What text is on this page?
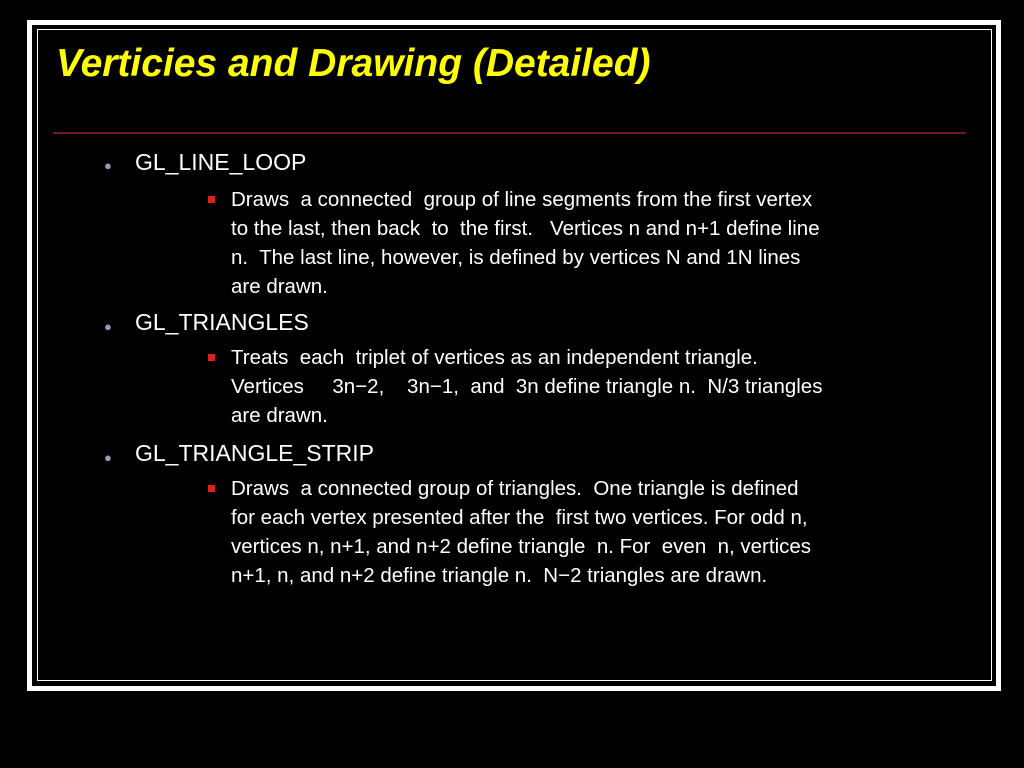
Verticies and Drawing (Detailed)
● GL_LINE_LOOP
Draws  a connected  group of line segments from the first vertex
to the last, then back  to  the first.   Vertices n and n+1 define line
n.  The last line, however, is defined by vertices N and 1N lines
are drawn.
● GL_TRIANGLES
Treats  each  triplet of vertices as an independent triangle.
Vertices     3n−2,    3n−1,  and  3n define triangle n.  N/3 triangles
are drawn.
● GL_TRIANGLE_STRIP
Draws  a connected group of triangles.  One triangle is defined
for each vertex presented after the  first two vertices. For odd n,
vertices n, n+1, and n+2 define triangle  n. For  even  n, vertices
n+1, n, and n+2 define triangle n.  N−2 triangles are drawn.
